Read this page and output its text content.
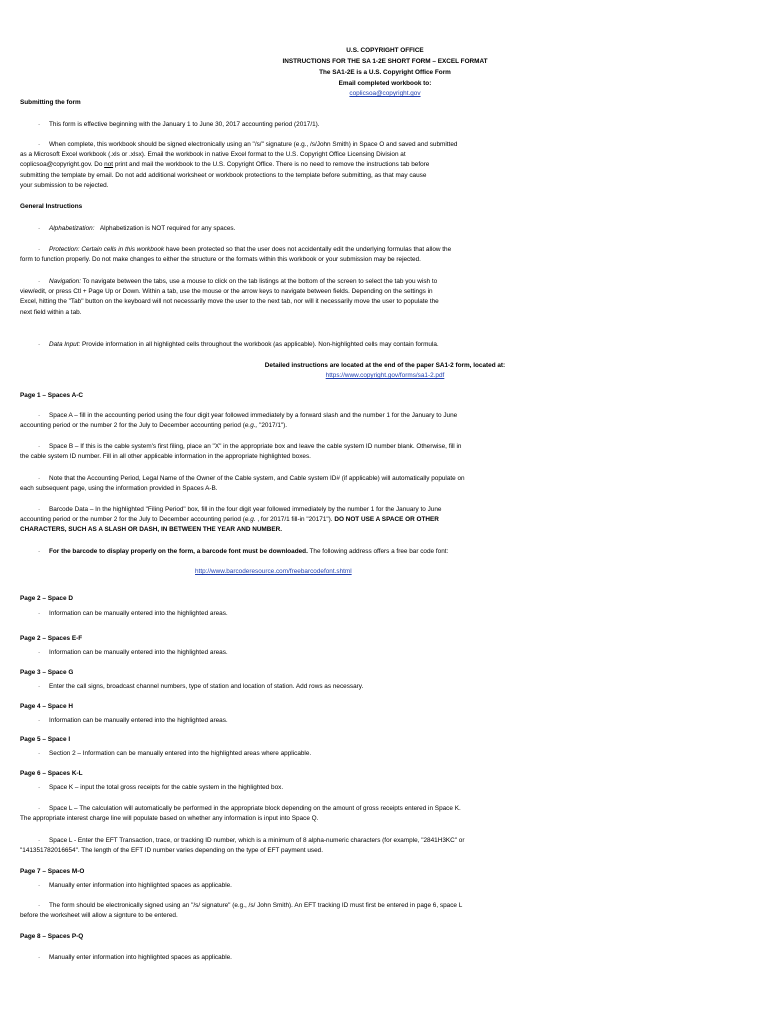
U.S. COPYRIGHT OFFICE
INSTRUCTIONS FOR THE SA 1-2E SHORT FORM – EXCEL FORMAT
The SA1-2E is a U.S. Copyright Office Form
Email completed workbook to:
coplicsoa@copyright.gov
Submitting the form
· This form is effective beginning with the January 1 to June 30, 2017 accounting period (2017/1).
· When complete, this workbook should be signed electronically using an "/s/" signature (e.g., /s/John Smith) in Space O and saved and submitted
as a Microsoft Excel workbook (.xls or .xlsx). Email the workbook in native Excel format to the U.S. Copyright Office Licensing Division at
coplicsoa@copyright.gov. Do not print and mail the workbook to the U.S. Copyright Office. There is no need to remove the instructions tab before
submitting the template by email. Do not add additional worksheet or workbook protections to the template before submitting, as that may cause
your submission to be rejected.
General Instructions
· Alphabetization: Alphabetization is NOT required for any spaces.
· Protection: Certain cells in this workbook have been protected so that the user does not accidentally edit the underlying formulas that allow the
form to function properly. Do not make changes to either the structure or the formats within this workbook or your submission may be rejected.
· Navigation: To navigate between the tabs, use a mouse to click on the tab listings at the bottom of the screen to select the tab you wish to
view/edit, or press Ctl + Page Up or Down. Within a tab, use the mouse or the arrow keys to navigate between fields. Depending on the settings in
Excel, hitting the "Tab" button on the keyboard will not necessarily move the user to the next tab, nor will it necessarily move the user to populate the
next field within a tab.
· Data Input: Provide information in all highlighted cells throughout the workbook (as applicable). Non-highlighted cells may contain formula.
Detailed instructions are located at the end of the paper SA1-2 form, located at:
https://www.copyright.gov/forms/sa1-2.pdf
Page 1 – Spaces A-C
· Space A – fill in the accounting period using the four digit year followed immediately by a forward slash and the number 1 for the January to June
accounting period or the number 2 for the July to December accounting period (e.g., "2017/1").
· Space B – If this is the cable system's first filing, place an "X" in the appropriate box and leave the cable system ID number blank. Otherwise, fill in
the cable system ID number. Fill in all other applicable information in the appropriate highlighted boxes.
· Note that the Accounting Period, Legal Name of the Owner of the Cable system, and Cable system ID# (if applicable) will automatically populate on
each subsequent page, using the information provided in Spaces A-B.
· Barcode Data – In the highlighted "Filing Period" box, fill in the four digit year followed immediately by the number 1 for the January to June
accounting period or the number 2 for the July to December accounting period (e.g. , for 2017/1 fill-in "20171"). DO NOT USE A SPACE OR OTHER
CHARACTERS, SUCH AS A SLASH OR DASH, IN BETWEEN THE YEAR AND NUMBER.
· For the barcode to display properly on the form, a barcode font must be downloaded. The following address offers a free bar code font:
http://www.barcoderesource.com/freebarcodefont.shtml
Page 2 – Space D
· Information can be manually entered into the highlighted areas.
Page 2 – Spaces E-F
· Information can be manually entered into the highlighted areas.
Page 3 – Space G
· Enter the call signs, broadcast channel numbers, type of station and location of station. Add rows as necessary.
Page 4 – Space H
· Information can be manually entered into the highlighted areas.
Page 5 – Space I
· Section 2 – Information can be manually entered into the highlighted areas where applicable.
Page 6 – Spaces K-L
· Space K – input the total gross receipts for the cable system in the highlighted box.
· Space L – The calculation will automatically be performed in the appropriate block depending on the amount of gross receipts entered in Space K.
The appropriate interest charge line will populate based on whether any information is input into Space Q.
· Space L - Enter the EFT Transaction, trace, or tracking ID number, which is a minimum of 8 alpha-numeric characters (for example, "2841H3KC" or
"141351782016654". The length of the EFT ID number varies depending on the type of EFT payment used.
Page 7 – Spaces M-O
· Manually enter information into highlighted spaces as applicable.
· The form should be electronically signed using an "/s/ signature" (e.g., /s/ John Smith). An EFT tracking ID must first be entered in page 6, space L
before the worksheet will allow a signture to be entered.
Page 8 – Spaces P-Q
· Manually enter information into highlighted spaces as applicable.
